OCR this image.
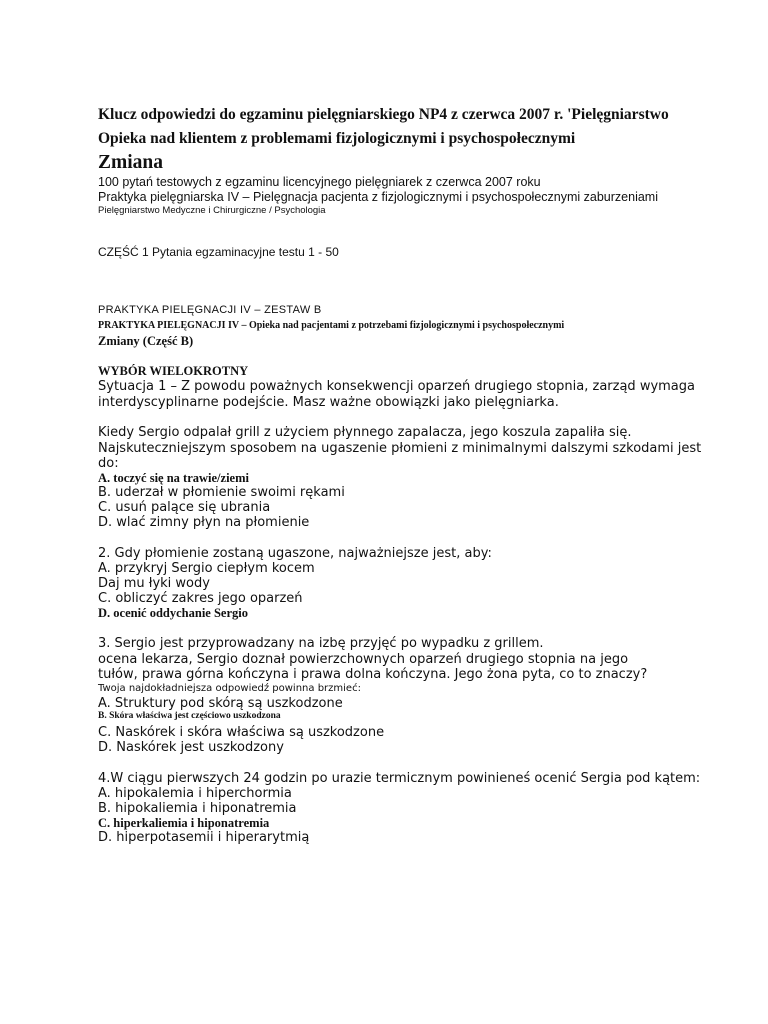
Klucz odpowiedzi do egzaminu pielęgniarskiego NP4 z czerwca 2007 r. 'Pielęgniarstwo
Opieka nad klientem z problemami fizjologicznymi i psychospołecznymi
Zmiana
100 pytań testowych z egzaminu licencyjnego pielęgniarek z czerwca 2007 roku
Praktyka pielęgniarska IV – Pielęgnacja pacjenta z fizjologicznymi i psychospołecznymi zaburzeniami
Pielęgniarstwo Medyczne i Chirurgiczne / Psychologia
CZĘŚĆ 1 Pytania egzaminacyjne testu 1 - 50
PRAKTYKA PIELĘGNACJI IV – ZESTAW B
PRAKTYKA PIELĘGNACJI IV – Opieka nad pacjentami z potrzebami fizjologicznymi i psychospołecznymi
Zmiany (Część B)
WYBÓR WIELOKROTNY
Sytuacja 1 – Z powodu poważnych konsekwencji oparzeń drugiego stopnia, zarząd wymaga
interdyscyplinarne podejście. Masz ważne obowiązki jako pielęgniarka.
Kiedy Sergio odpalał grill z użyciem płynnego zapalacza, jego koszula zapaliła się.
Najskuteczniejszym sposobem na ugaszenie płomieni z minimalnymi dalszymi szkodami jest
do:
A. toczyć się na trawie/ziemi
B. uderzał w płomienie swoimi rękami
C. usuń palące się ubrania
D. wlać zimny płyn na płomienie
2. Gdy płomienie zostaną ugaszone, najważniejsze jest, aby:
A. przykryj Sergio ciepłym kocem
Daj mu łyki wody
C. obliczyć zakres jego oparzeń
D. ocenić oddychanie Sergio
3. Sergio jest przyprowadzany na izbę przyjęć po wypadku z grillem.
ocena lekarza, Sergio doznał powierzchownych oparzeń drugiego stopnia na jego
tułów, prawa górna kończyna i prawa dolna kończyna. Jego żona pyta, co to znaczy?
Twoja najdokładniejsza odpowiedź powinna brzmieć:
A. Struktury pod skórą są uszkodzone
B. Skóra właściwa jest częściowo uszkodzona
C. Naskórek i skóra właściwa są uszkodzone
D. Naskórek jest uszkodzony
4.W ciągu pierwszych 24 godzin po urazie termicznym powinieneś ocenić Sergia pod kątem:
A. hipokalemia i hiperchormia
B. hipokaliemia i hiponatremia
C. hiperkaliemia i hiponatremia
D. hiperpotasemii i hiperarytmią
